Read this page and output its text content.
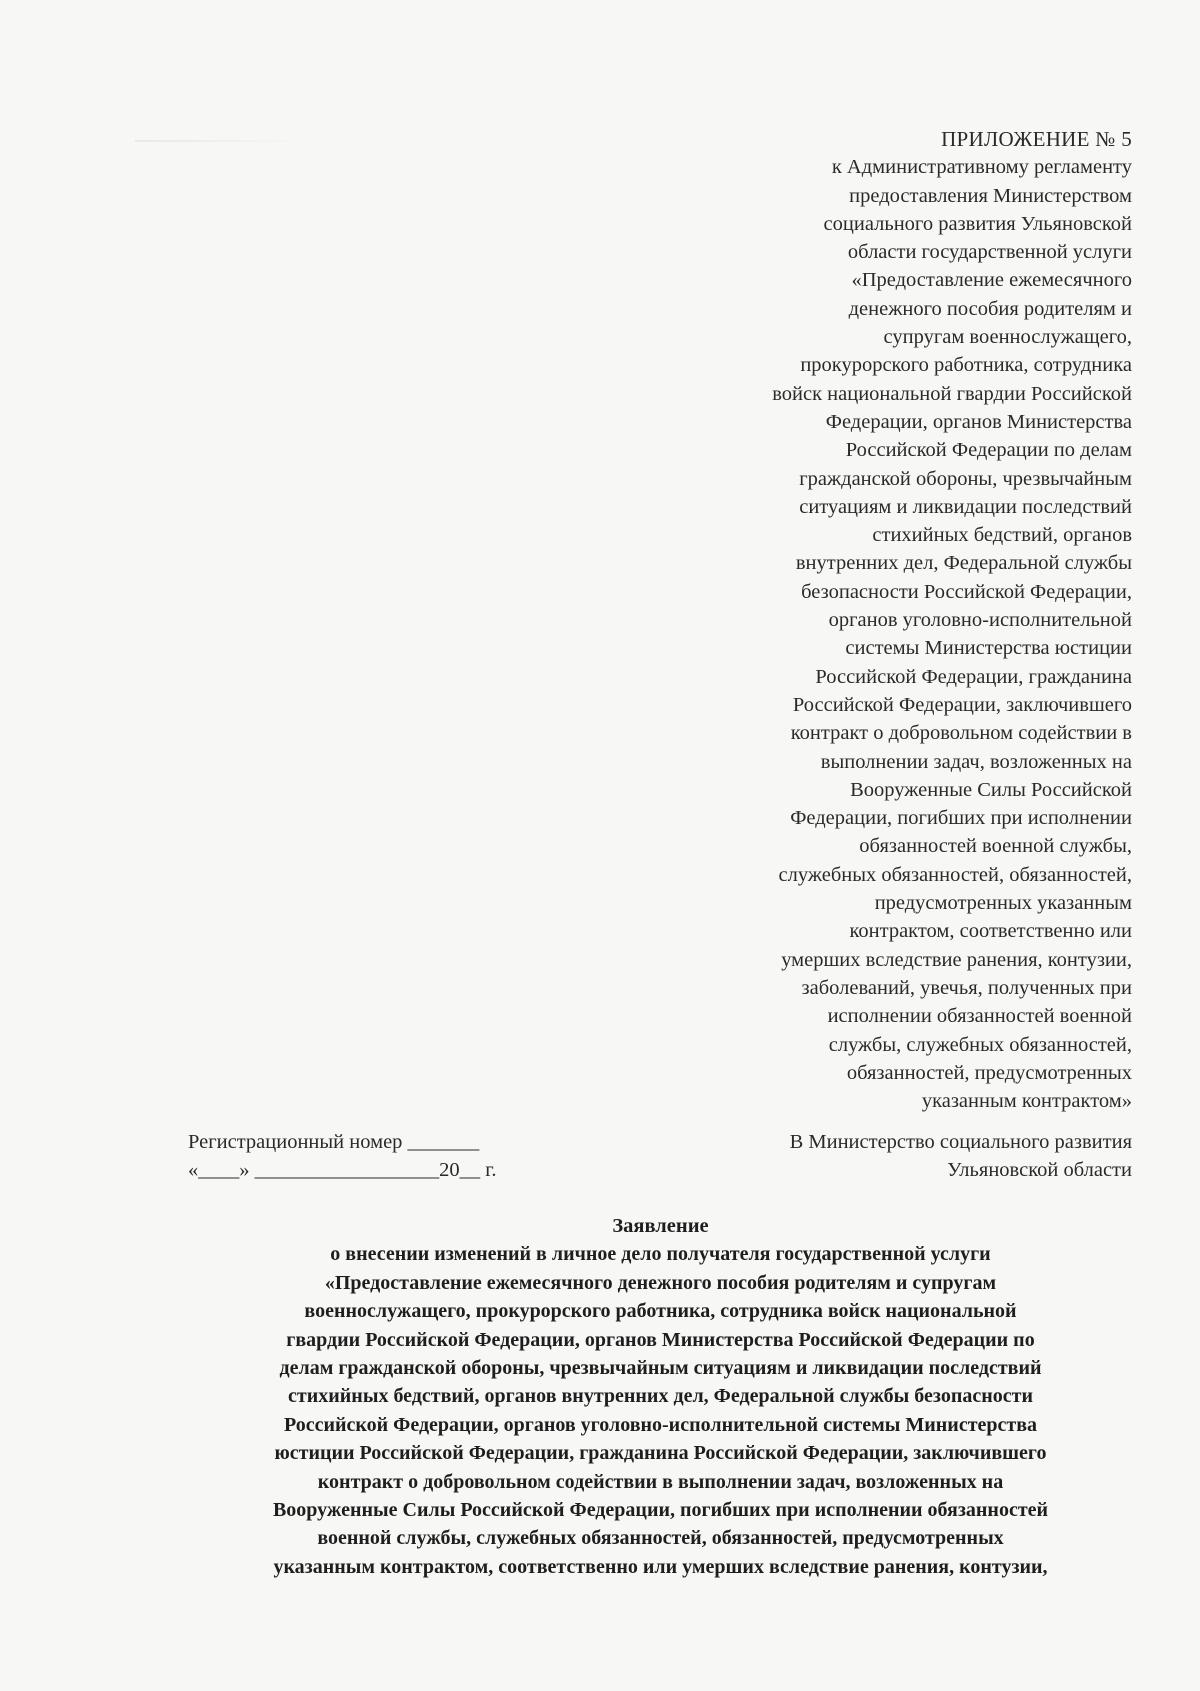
ПРИЛОЖЕНИЕ № 5
к Административному регламенту
предоставления Министерством
социального развития Ульяновской
области государственной услуги
«Предоставление ежемесячного
денежного пособия родителям и
супругам военнослужащего,
прокурорского работника, сотрудника
войск национальной гвардии Российской
Федерации, органов Министерства
Российской Федерации по делам
гражданской обороны, чрезвычайным
ситуациям и ликвидации последствий
стихийных бедствий, органов
внутренних дел, Федеральной службы
безопасности Российской Федерации,
органов уголовно-исполнительной
системы Министерства юстиции
Российской Федерации, гражданина
Российской Федерации, заключившего
контракт о добровольном содействии в
выполнении задач, возложенных на
Вооруженные Силы Российской
Федерации, погибших при исполнении
обязанностей военной службы,
служебных обязанностей, обязанностей,
предусмотренных указанным
контрактом, соответственно или
умерших вследствие ранения, контузии,
заболеваний, увечья, полученных при
исполнении обязанностей военной
службы, служебных обязанностей,
обязанностей, предусмотренных
указанным контрактом»
Регистрационный номер _______
«____» __________________20__ г.
В Министерство социального развития
Ульяновской области
Заявление
о внесении изменений в личное дело получателя государственной услуги
«Предоставление ежемесячного денежного пособия родителям и супругам
военнослужащего, прокурорского работника, сотрудника войск национальной
гвардии Российской Федерации, органов Министерства Российской Федерации по
делам гражданской обороны, чрезвычайным ситуациям и ликвидации последствий
стихийных бедствий, органов внутренних дел, Федеральной службы безопасности
Российской Федерации, органов уголовно-исполнительной системы Министерства
юстиции Российской Федерации, гражданина Российской Федерации, заключившего
контракт о добровольном содействии в выполнении задач, возложенных на
Вооруженные Силы Российской Федерации, погибших при исполнении обязанностей
военной службы, служебных обязанностей, обязанностей, предусмотренных
указанным контрактом, соответственно или умерших вследствие ранения, контузии,
